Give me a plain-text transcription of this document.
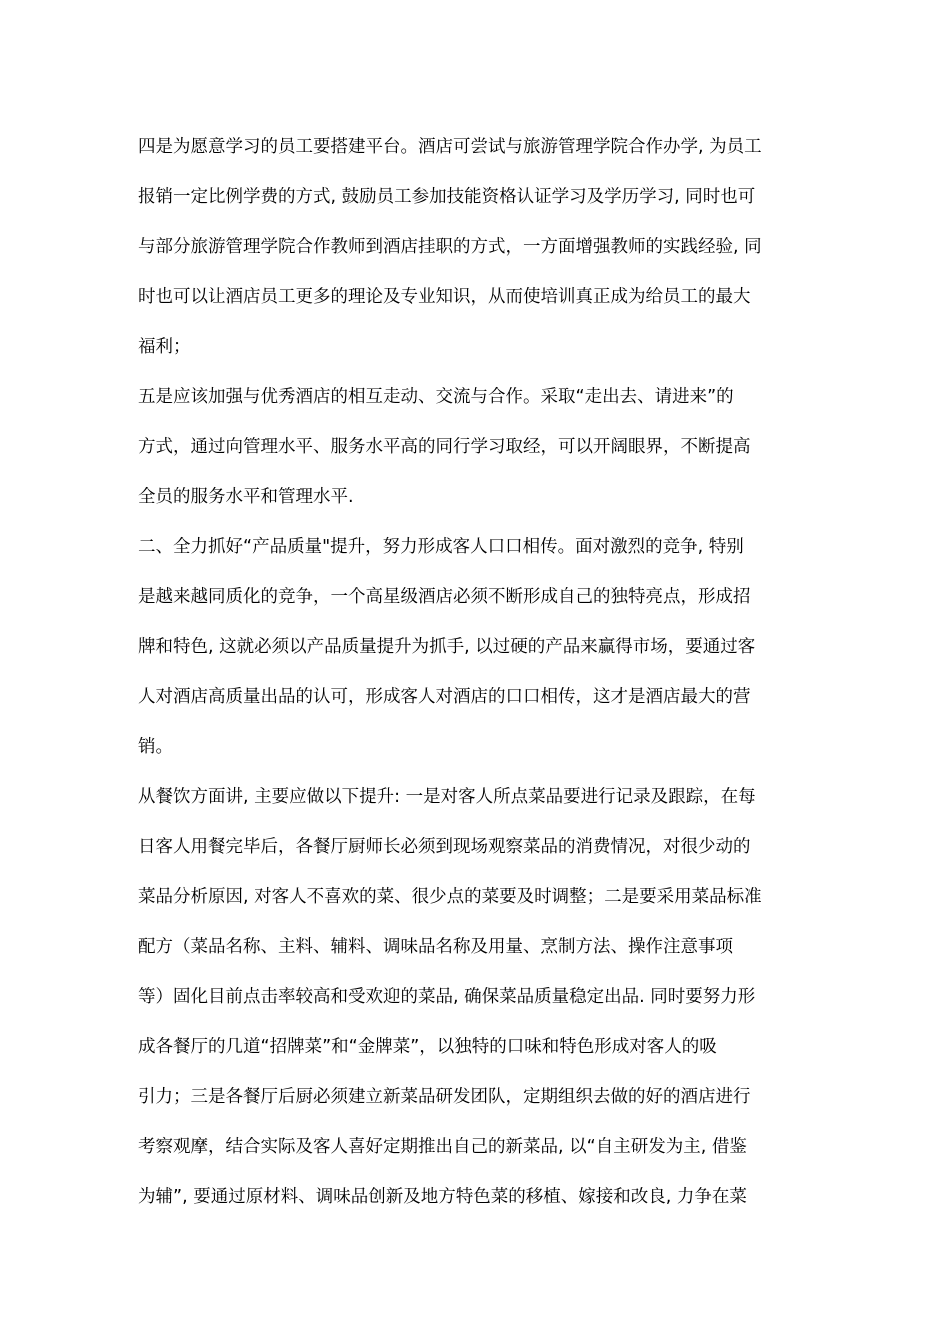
四是为愿意学习的员工要搭建平台。酒店可尝试与旅游管理学院合作办学, 为员工
报销一定比例学费的方式, 鼓励员工参加技能资格认证学习及学历学习, 同时也可
与部分旅游管理学院合作教师到酒店挂职的方式，一方面增强教师的实践经验, 同
时也可以让酒店员工更多的理论及专业知识，从而使培训真正成为给员工的最大
福利；
五是应该加强与优秀酒店的相互走动、交流与合作。采取“走出去、请进来”的
方式，通过向管理水平、服务水平高的同行学习取经，可以开阔眼界，不断提高
全员的服务水平和管理水平.
二、全力抓好“产品质量"提升，努力形成客人口口相传。面对激烈的竞争, 特别
是越来越同质化的竞争，一个高星级酒店必须不断形成自己的独特亮点，形成招
牌和特色, 这就必须以产品质量提升为抓手, 以过硬的产品来赢得市场，要通过客
人对酒店高质量出品的认可，形成客人对酒店的口口相传，这才是酒店最大的营
销。
从餐饮方面讲, 主要应做以下提升: 一是对客人所点菜品要进行记录及跟踪，在每
日客人用餐完毕后，各餐厅厨师长必须到现场观察菜品的消费情况，对很少动的
菜品分析原因, 对客人不喜欢的菜、很少点的菜要及时调整；二是要采用菜品标准
配方（菜品名称、主料、辅料、调味品名称及用量、烹制方法、操作注意事项
等）固化目前点击率较高和受欢迎的菜品, 确保菜品质量稳定出品. 同时要努力形
成各餐厅的几道“招牌菜”和“金牌菜”，以独特的口味和特色形成对客人的吸
引力；三是各餐厅后厨必须建立新菜品研发团队，定期组织去做的好的酒店进行
考察观摩，结合实际及客人喜好定期推出自己的新菜品, 以“自主研发为主, 借鉴
为辅”, 要通过原材料、调味品创新及地方特色菜的移植、嫁接和改良, 力争在菜
